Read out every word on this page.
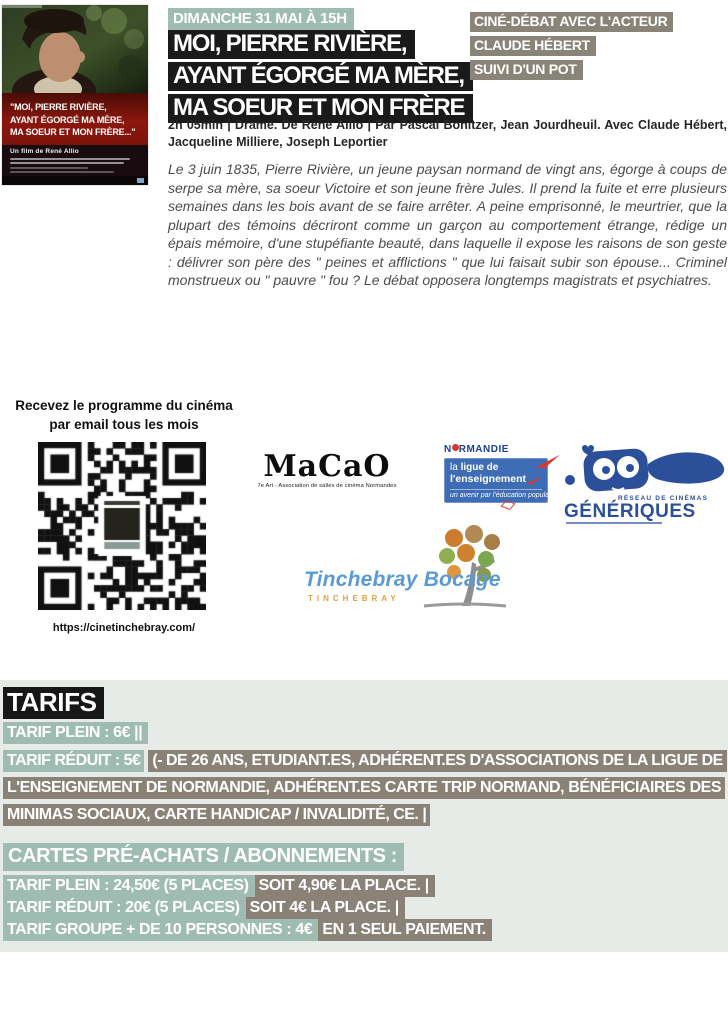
"MOI, PIERRE RIVIÈRE,
AYANT ÉGORGÉ MA MÈRE,
MA SOEUR ET MON FRÈRE..."
Un film de René Allio
DIMANCHE 31 MAI À 15H
MOI, PIERRE RIVIÈRE,
AYANT ÉGORGÉ MA MÈRE,
MA SOEUR ET MON FRÈRE
CINÉ-DÉBAT AVEC L'ACTEUR
CLAUDE HÉBERT
SUIVI D'UN POT

2h 05min | Drame. De René Allio | Par Pascal Bonitzer, Jean Jourdheuil. Avec Claude Hébert, Jacqueline Milliere, Joseph Leportier

Le 3 juin 1835, Pierre Rivière, un jeune paysan normand de vingt ans, égorge à coups de serpe sa mère, sa soeur Victoire et son jeune frère Jules. Il prend la fuite et erre plusieurs semaines dans les bois avant de se faire arrêter. A peine emprisonné, le meurtrier, que la plupart des témoins décriront comme un garçon au comportement étrange, rédige un épais mémoire, d'une stupéfiante beauté, dans laquelle il expose les raisons de son geste : délivrer son père des " peines et afflictions " que lui faisait subir son épouse... Criminel monstrueux ou " pauvre " fou ? Le débat opposera longtemps magistrats et psychiatres.

Recevez le programme du cinéma
par email tous les mois
https://cinetinchebray.com/
MaCaO
7e Art - Association de salles de cinéma Normandes
N RMANDIE
la ligue de
l'enseignement
un avenir par l'éducation populaire	RÉSEAU DE CINÉMAS
GÉNÉRIQUES
Tinchebray Bocage
TINCHEBRAY
TARIFS
TARIF PLEIN : 6€ ||

TARIF RÉDUIT : 5€ (- DE 26 ANS, ETUDIANT.ES, ADHÉRENT.ES D'ASSOCIATIONS DE LA LIGUE DE L'ENSEIGNEMENT DE NORMANDIE, ADHÉRENT.ES CARTE TRIP NORMAND, BÉNÉFICIAIRES DES MINIMAS SOCIAUX, CARTE HANDICAP / INVALIDITÉ, CE. |

CARTES PRÉ-ACHATS / ABONNEMENTS :
TARIF PLEIN : 24,50€ (5 PLACES) SOIT 4,90€ LA PLACE. |
TARIF RÉDUIT : 20€ (5 PLACES) SOIT 4€ LA PLACE. |
TARIF GROUPE + DE 10 PERSONNES : 4€ EN 1 SEUL PAIEMENT.
